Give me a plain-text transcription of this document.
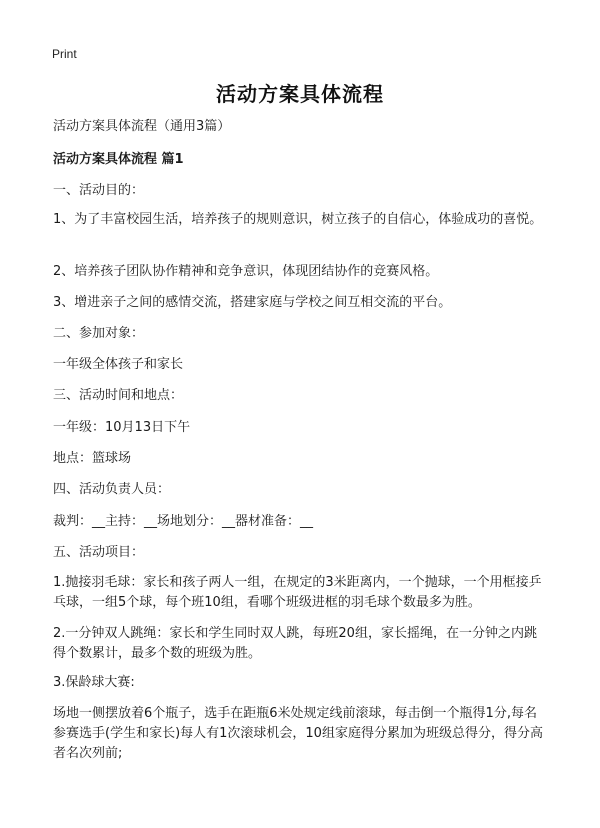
Print
活动方案具体流程
活动方案具体流程（通用3篇）
活动方案具体流程 篇1
一、活动目的：
1、为了丰富校园生活，培养孩子的规则意识，树立孩子的自信心，体验成功的喜悦。
2、培养孩子团队协作精神和竞争意识，体现团结协作的竞赛风格。
3、增进亲子之间的感情交流，搭建家庭与学校之间互相交流的平台。
二、参加对象：
一年级全体孩子和家长
三、活动时间和地点：
一年级：10月13日下午
地点：篮球场
四、活动负责人员：
裁判：__主持：__场地划分：__器材准备：__
五、活动项目：
1.抛接羽毛球：家长和孩子两人一组，在规定的3米距离内，一个抛球，一个用框接乒乓球，一组5个球，每个班10组，看哪个班级进框的羽毛球个数最多为胜。
2.一分钟双人跳绳：家长和学生同时双人跳，每班20组，家长摇绳，在一分钟之内跳得个数累计，最多个数的班级为胜。
3.保龄球大赛:
场地一侧摆放着6个瓶子，选手在距瓶6米处规定线前滚球，每击倒一个瓶得1分,每名参赛选手(学生和家长)每人有1次滚球机会，10组家庭得分累加为班级总得分，得分高者名次列前;
